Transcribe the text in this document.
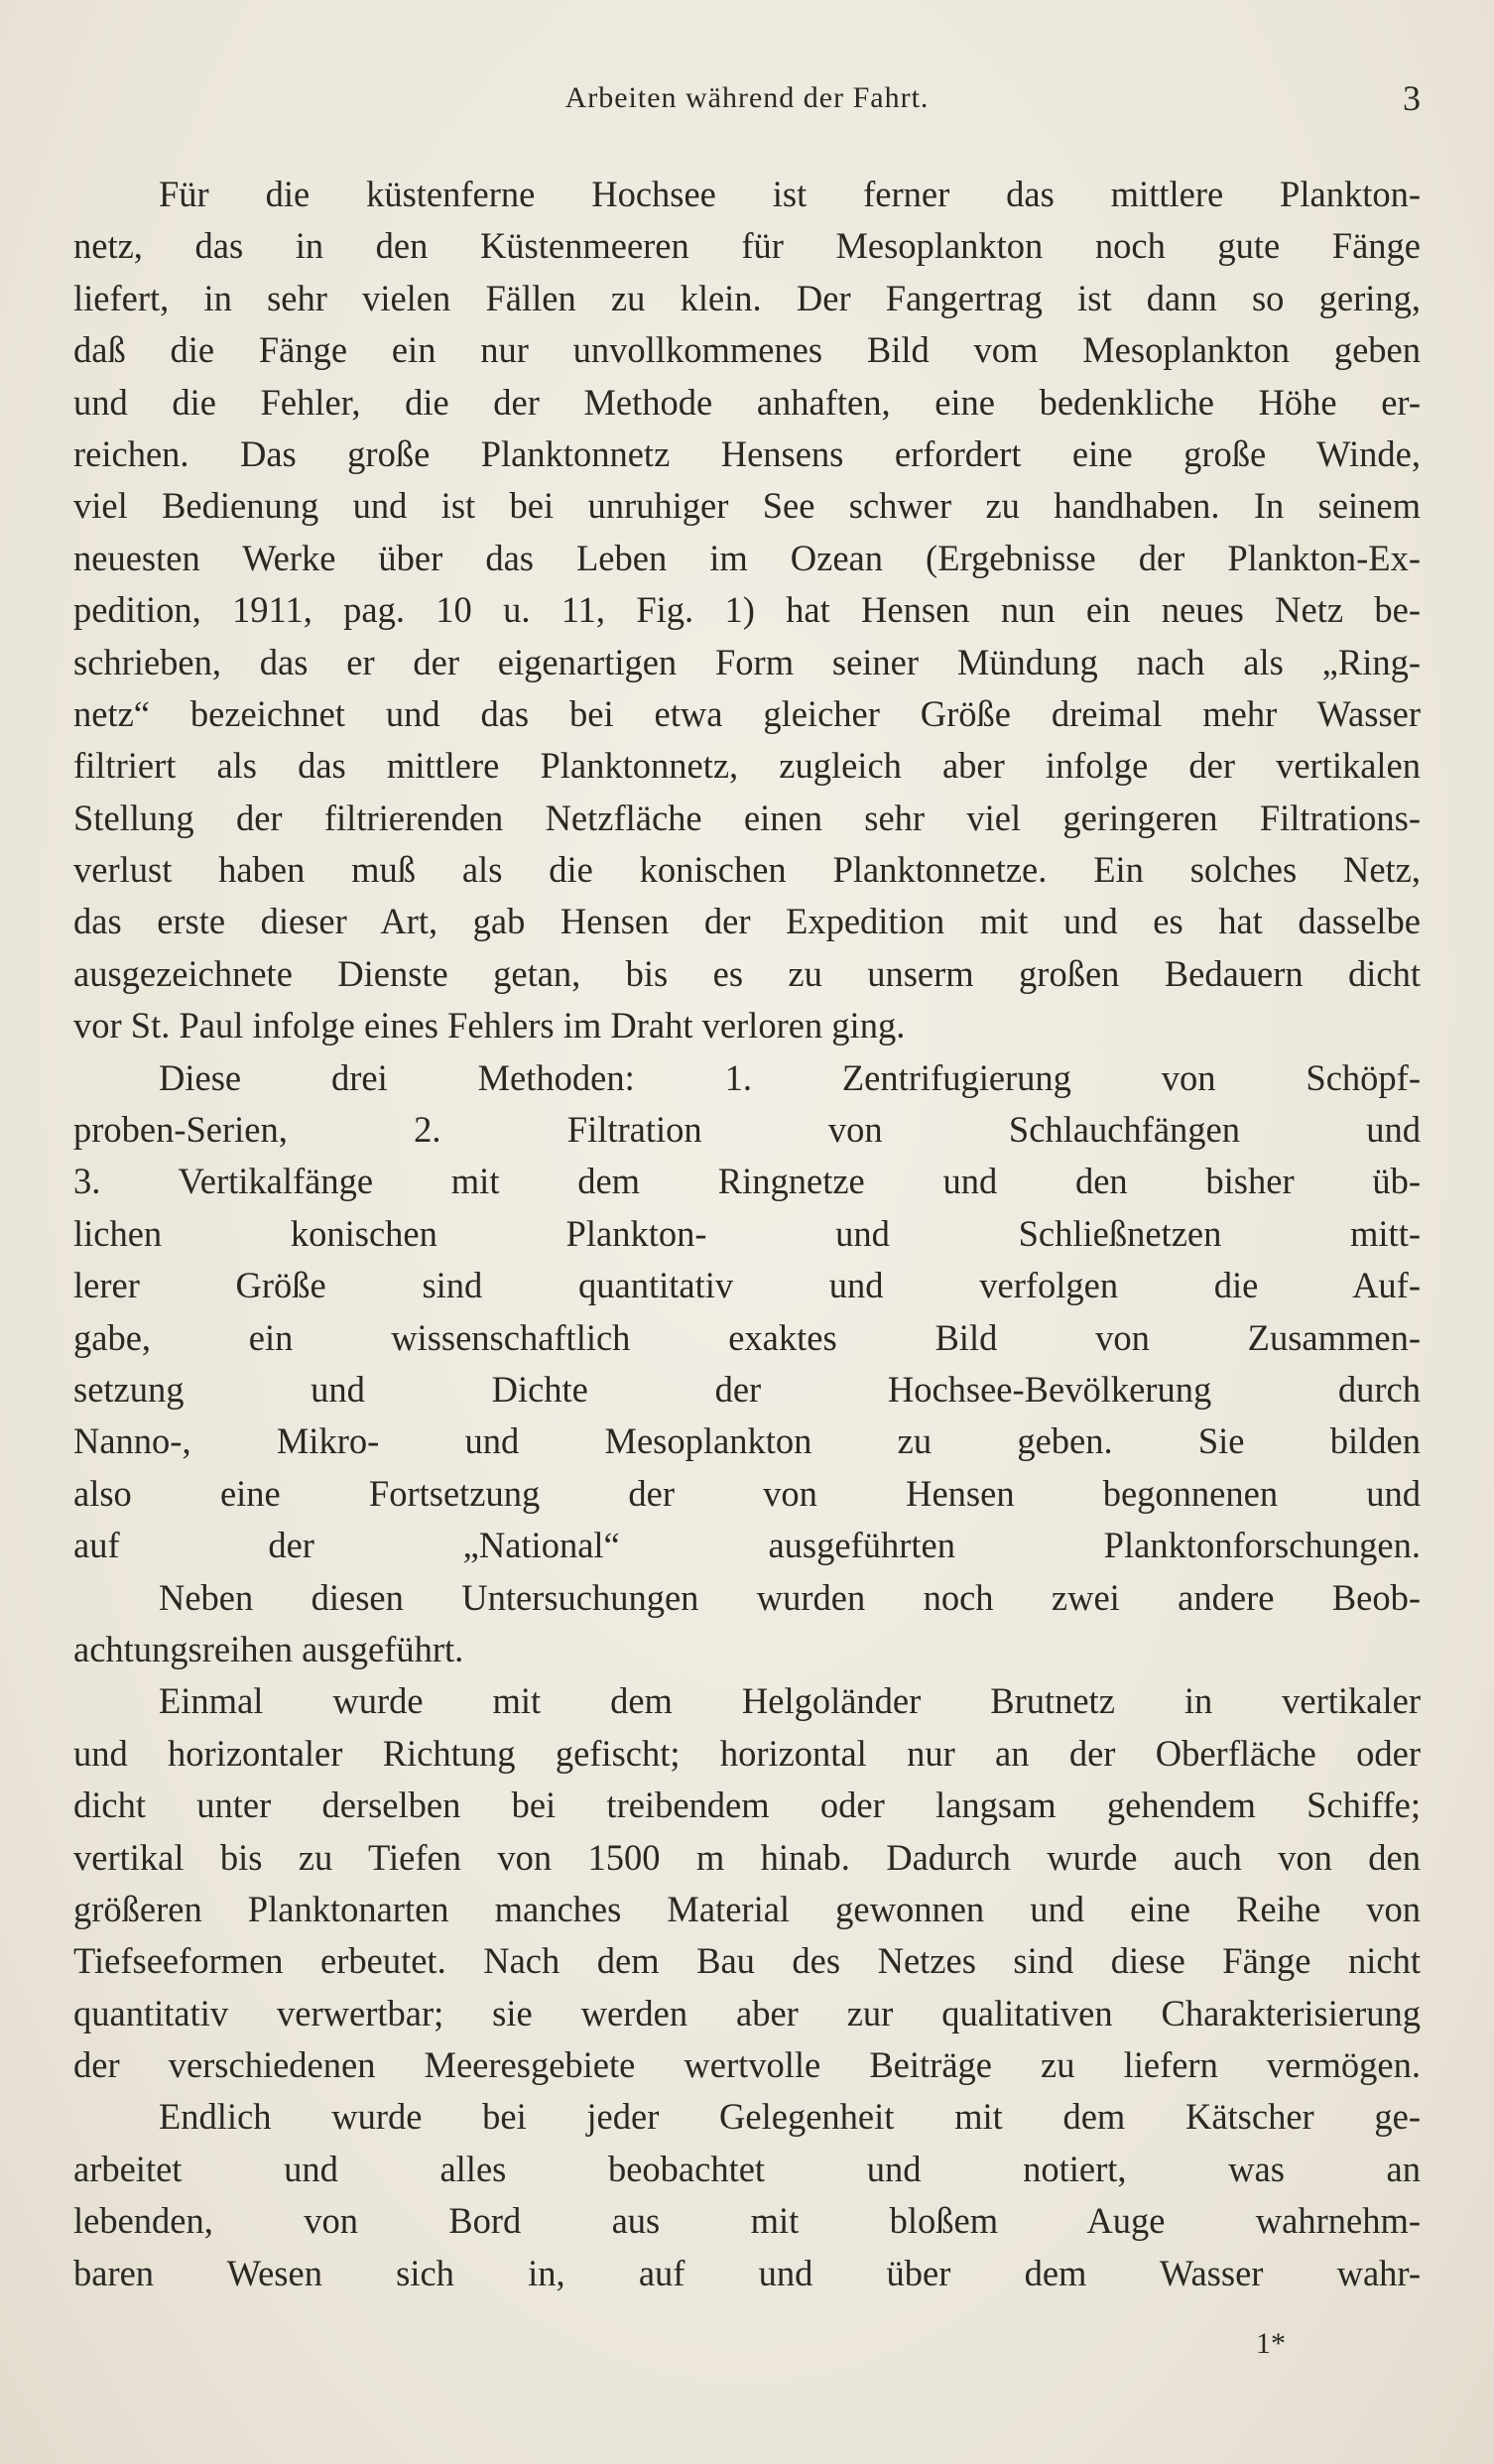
Arbeiten während der Fahrt.	3
Für die küstenferne Hochsee ist ferner das mittlere Plankton-
netz, das in den Küstenmeeren für Mesoplankton noch gute Fänge
liefert, in sehr vielen Fällen zu klein. Der Fangertrag ist dann so gering,
daß die Fänge ein nur unvollkommenes Bild vom Mesoplankton geben
und die Fehler, die der Methode anhaften, eine bedenkliche Höhe er-
reichen. Das große Planktonnetz Hensens erfordert eine große Winde,
viel Bedienung und ist bei unruhiger See schwer zu handhaben. In seinem
neuesten Werke über das Leben im Ozean (Ergebnisse der Plankton-Ex-
pedition, 1911, pag. 10 u. 11, Fig. 1) hat Hensen nun ein neues Netz be-
schrieben, das er der eigenartigen Form seiner Mündung nach als „Ring-
netz“ bezeichnet und das bei etwa gleicher Größe dreimal mehr Wasser
filtriert als das mittlere Planktonnetz, zugleich aber infolge der vertikalen
Stellung der filtrierenden Netzfläche einen sehr viel geringeren Filtrations-
verlust haben muß als die konischen Planktonnetze. Ein solches Netz,
das erste dieser Art, gab Hensen der Expedition mit und es hat dasselbe
ausgezeichnete Dienste getan, bis es zu unserm großen Bedauern dicht
vor St. Paul infolge eines Fehlers im Draht verloren ging.
Diese drei Methoden: 1. Zentrifugierung von Schöpf-
proben-Serien, 2. Filtration von Schlauchfängen und
3. Vertikalfänge mit dem Ringnetze und den bisher üb-
lichen konischen Plankton- und Schließnetzen mitt-
lerer Größe sind quantitativ und verfolgen die Auf-
gabe, ein wissenschaftlich exaktes Bild von Zusammen-
setzung und Dichte der Hochsee-Bevölkerung durch
Nanno-, Mikro- und Mesoplankton zu geben. Sie bilden
also eine Fortsetzung der von Hensen begonnenen und
auf der „National“ ausgeführten Planktonforschungen.
Neben diesen Untersuchungen wurden noch zwei andere Beob-
achtungsreihen ausgeführt.
Einmal wurde mit dem Helgoländer Brutnetz in vertikaler
und horizontaler Richtung gefischt; horizontal nur an der Oberfläche oder
dicht unter derselben bei treibendem oder langsam gehendem Schiffe;
vertikal bis zu Tiefen von 1500 m hinab. Dadurch wurde auch von den
größeren Planktonarten manches Material gewonnen und eine Reihe von
Tiefseeformen erbeutet. Nach dem Bau des Netzes sind diese Fänge nicht
quantitativ verwertbar; sie werden aber zur qualitativen Charakterisierung
der verschiedenen Meeresgebiete wertvolle Beiträge zu liefern vermögen.
Endlich wurde bei jeder Gelegenheit mit dem Kätscher ge-
arbeitet und alles beobachtet und notiert, was an
lebenden, von Bord aus mit bloßem Auge wahrnehm-
baren Wesen sich in, auf und über dem Wasser wahr-
1*
